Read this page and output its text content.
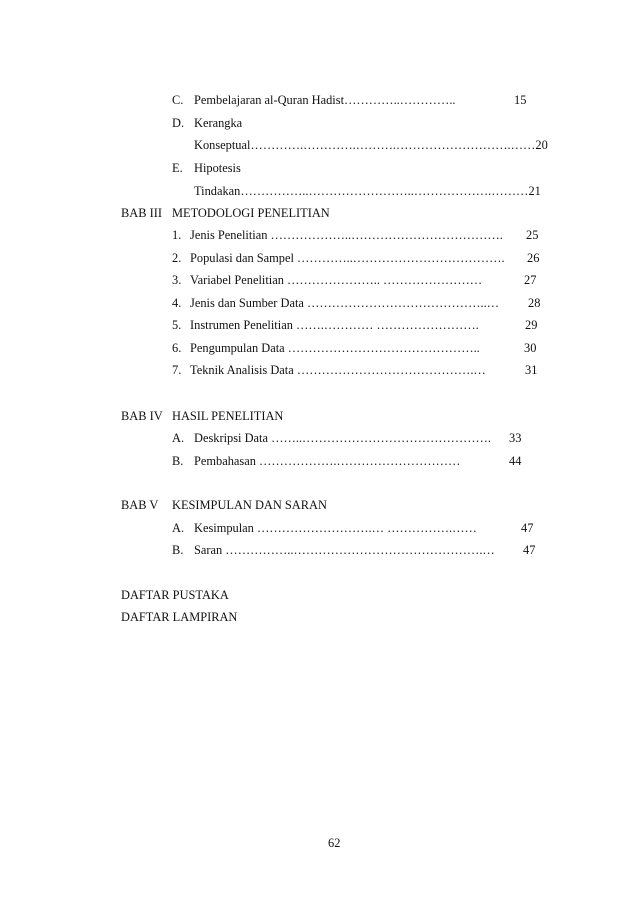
C. Pembelajaran al-Quran Hadist…………..…………..	15
D. Kerangka
Konseptual………….………….……….……………………….……20
E. Hipotesis
Tindakan……………..……………………..……………….………21
BAB III METODOLOGI PENELITIAN
1. Jenis Penelitian ………………..………………………………. 25
2. Populasi dan Sampel …………..………………………………. 26
3. Variabel Penelitian ………………….. ……………………	27
4. Jenis dan Sumber Data ……………………………………..… 28
5. Instrumen Penelitian …….………… …………………….	29
6. Pengumpulan Data ………………………………………..	30
7. Teknik Analisis Data …………………………………….…	31
BAB IV HASIL PENELITIAN
A. Deskripsi Data ……..………………………………………. 33
B. Pembahasan ……………….…………………………	44
BAB V KESIMPULAN DAN SARAN
A. Kesimpulan ……………………….… …………….……	47
B. Saran ……………..……………………………………….… 47
DAFTAR PUSTAKA
DAFTAR LAMPIRAN
62
